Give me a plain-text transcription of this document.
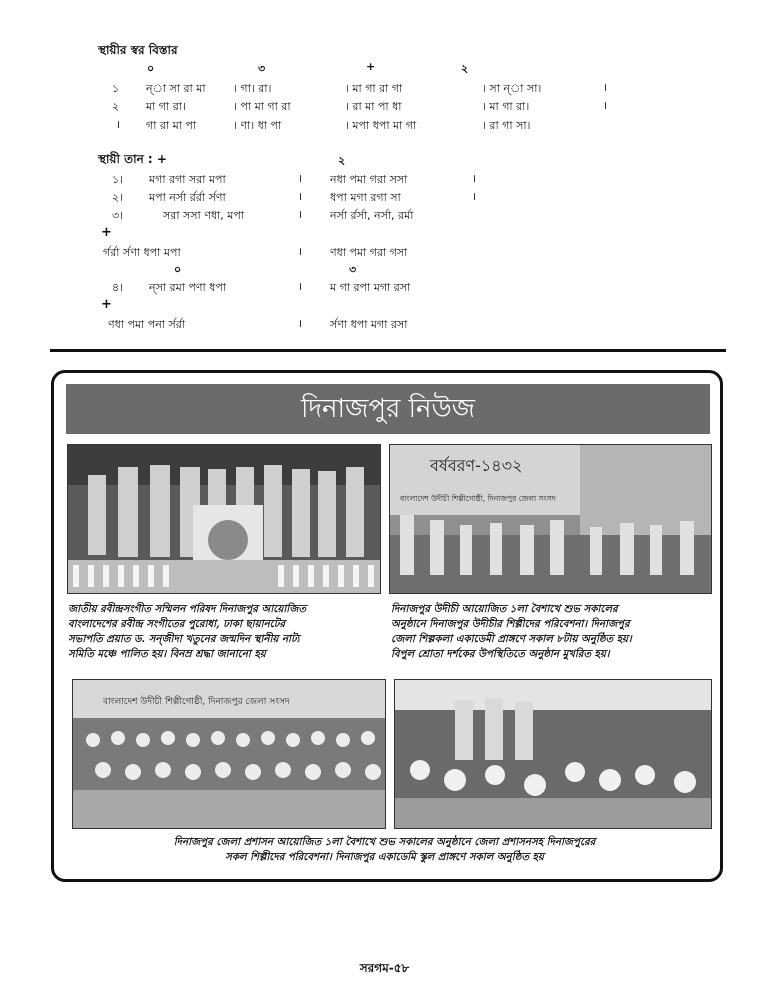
স্থায়ীর স্বর বিস্তার
০	৩	+	২
১ ন্‌া সা রা মা । গা। রা।	। মা গা রা গা	। সা ন্‌া সা।	।
২ মা গা রা।	। পা মা গা রা	। রা মা পা ধা	। মা গা রা।	।
। গা রা মা পা	। ণা। ধা পা	। মপা ধপা মা গা	। রা গা সা।
স্থায়ী তান : +	২
১। মগা রগা সরা মপা	।	নধা পমা গরা সসা	।
২। মপা নর্সা র্রর্রা র্সণা	।	ধপা মগা রগা সা	।
৩।	সরা সসা ণধা, মপা	।	নর্সা র্রর্সা, নর্সা, রর্মা
+
র্গর্রা র্সণা ধপা মপা	।	ণধা পমা গরা গসা
০	৩
৪। ন্‌সা রমা পণা ধপা	।	ম গা রপা মগা রসা
+
ণধা পমা পনা র্সর্রা	।	র্সণা ধপা মগা রসা
দিনাজপুর নিউজ
বর্ষবরণ-১৪৩২
বাংলাদেশ উদীচী শিল্পীগোষ্ঠী, দিনাজপুর জেলা সংসদ
জাতীয় রবীন্দ্রসংগীত সম্মিলন পরিষদ দিনাজপুর আয়োজিত
বাংলাদেশের রবীন্দ্র সংগীতের পুরোধা, ঢাকা ছায়ানটের
সভাপতি প্রয়াত ড. সন্‌জীদা খতুনের জন্মদিন স্থানীয় নাট্য
সমিতি মঞ্চে পালিত হয়। বিনম্র শ্রদ্ধা জানানো হয়
দিনাজপুর উদীচী আয়োজিত ১লা বৈশাখে শুভ সকালের
অনুষ্ঠানে দিনাজপুর উদীচীর শিল্পীদের পরিবেশনা। দিনাজপুর
জেলা শিল্পকলা একাডেমী প্রাঙ্গণে সকাল ৮টায় অনুষ্ঠিত হয়।
বিপুল শ্রোতা দর্শকের উপস্থিতিতে অনুষ্ঠান মুখরিত হয়।
বাংলাদেশ উদীচী শিল্পীগোষ্ঠী, দিনাজপুর জেলা সংসদ
দিনাজপুর জেলা প্রশাসন আয়োজিত ১লা বৈশাখে শুভ সকালের অনুষ্ঠানে জেলা প্রশাসনসহ দিনাজপুরের
সকল শিল্পীদের পরিবেশনা। দিনাজপুর একাডেমি স্কুল প্রাঙ্গণে সকাল অনুষ্ঠিত হয়
সরগম-৫৮
